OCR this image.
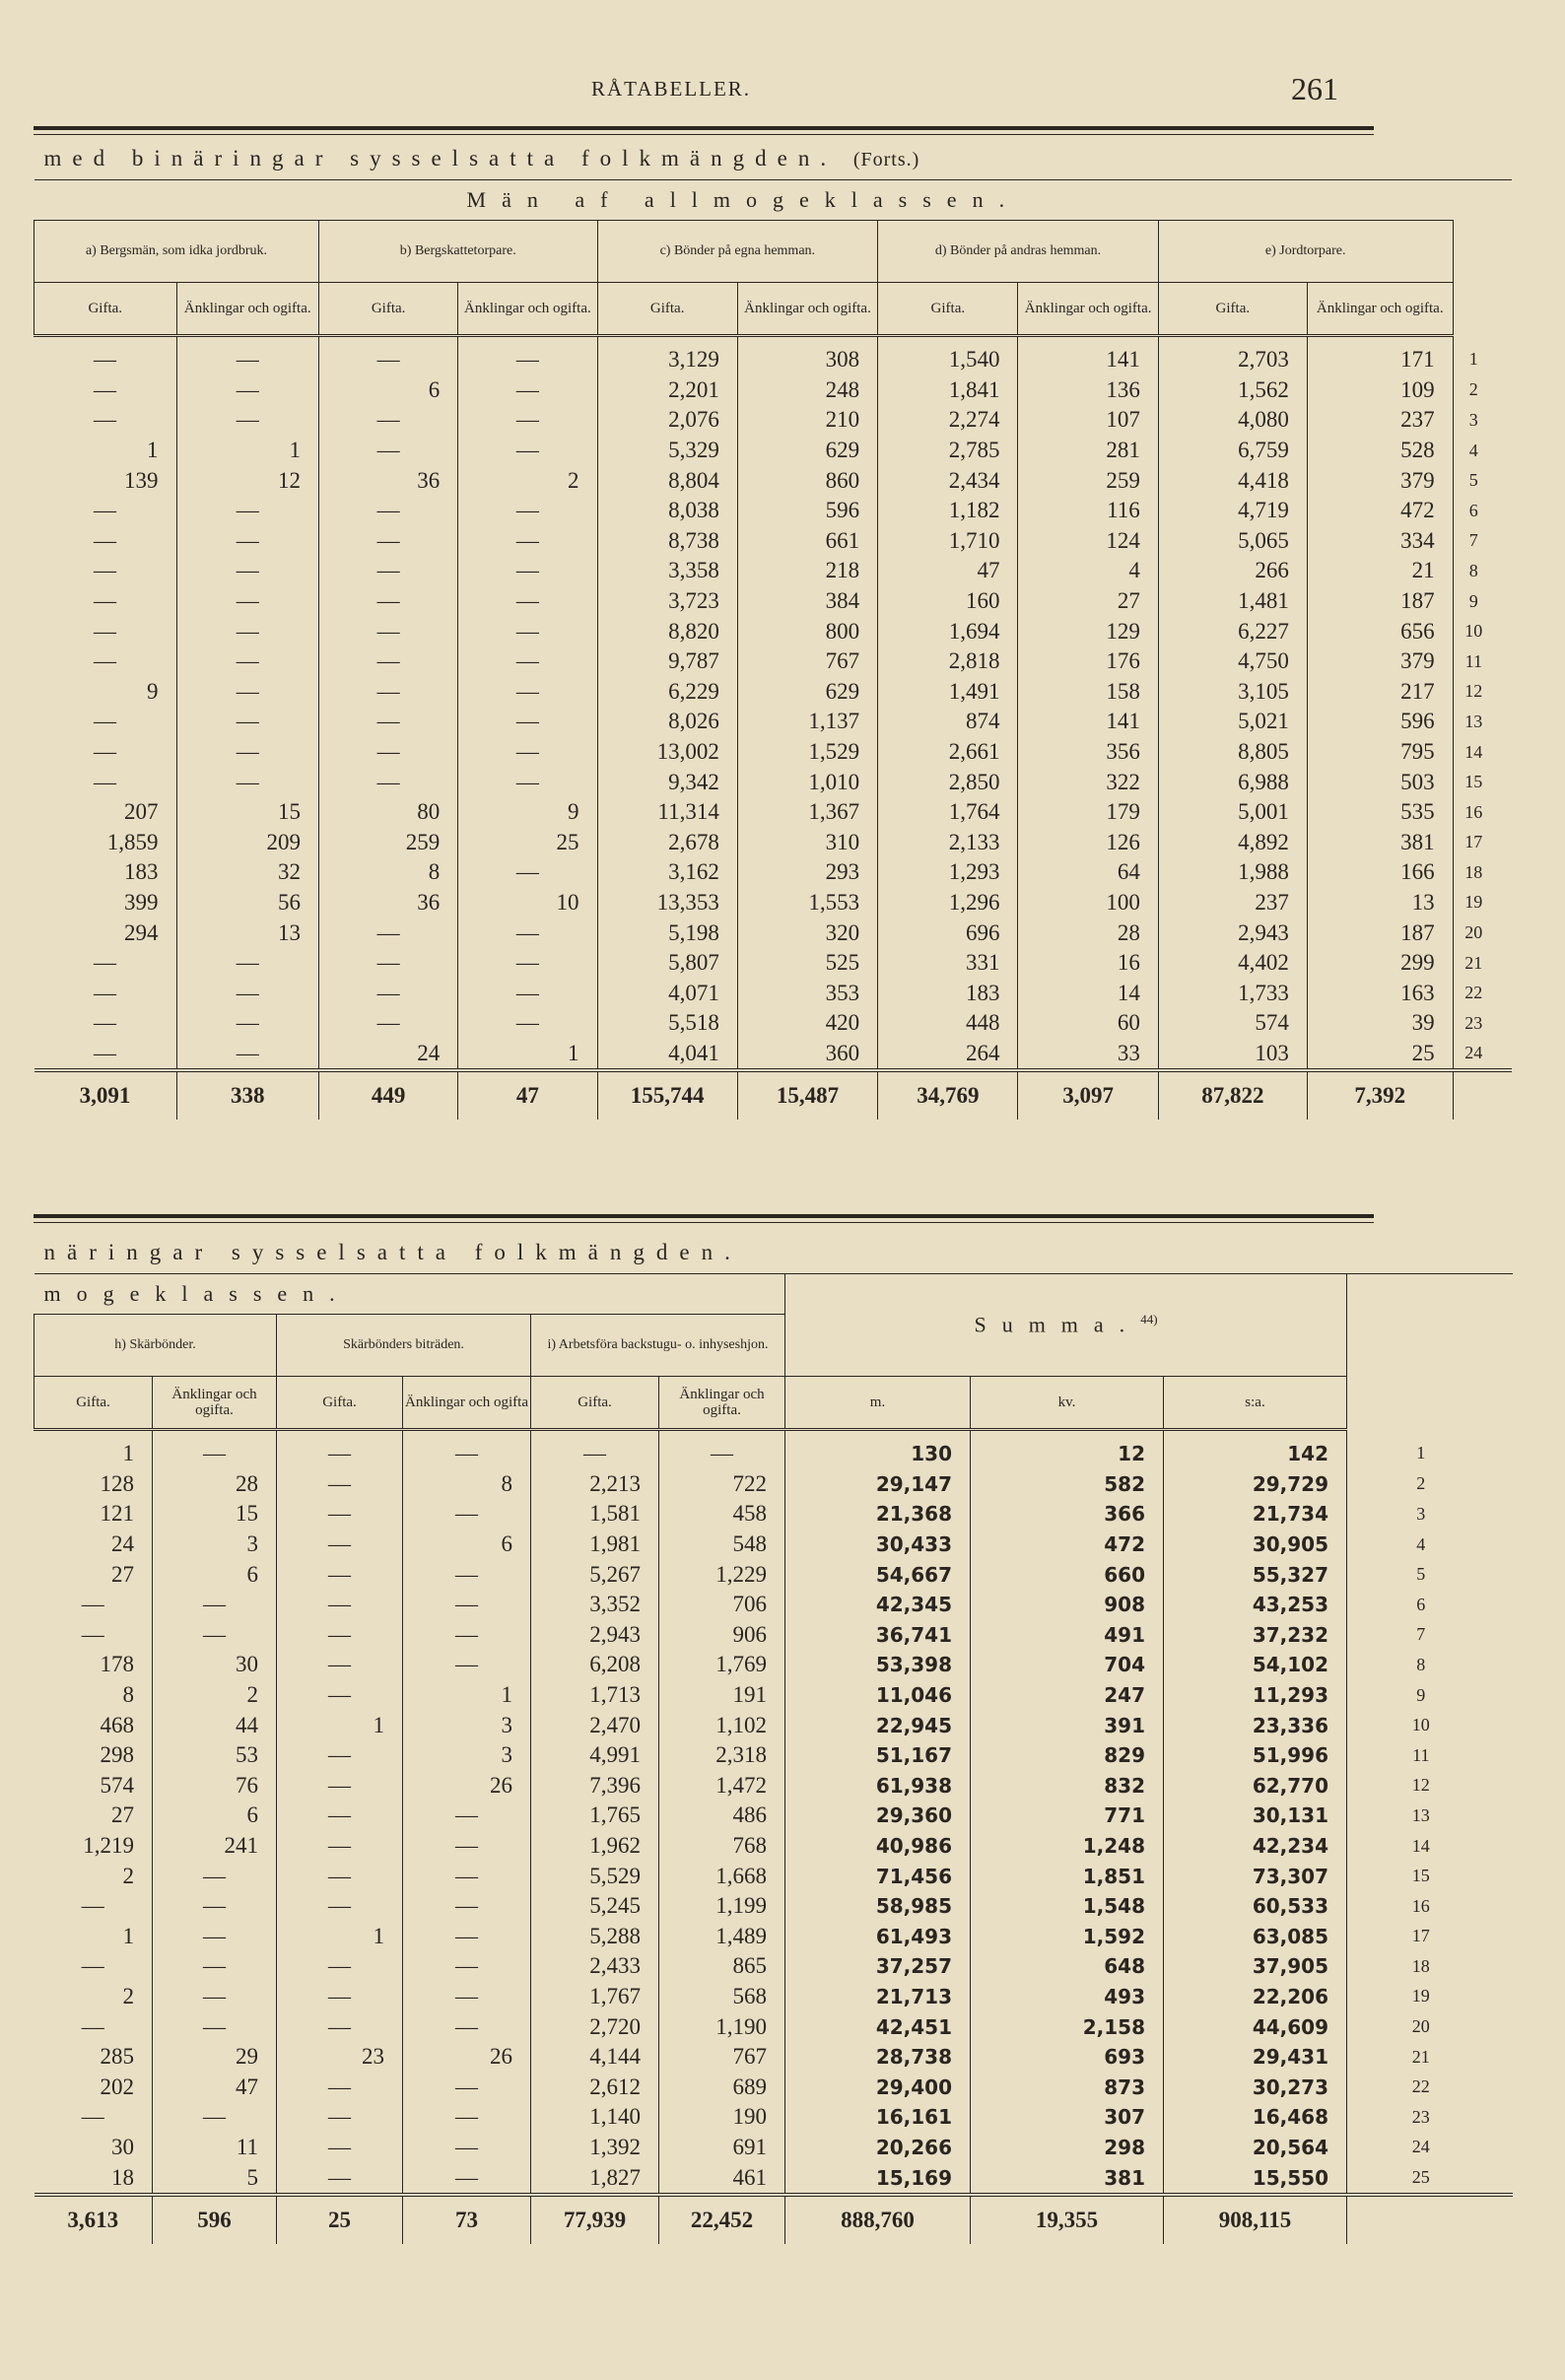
RÅTABELLER.	261
med binäringar sysselsatta folkmängden. (Forts.)										
Män af allmogeklassen.										
a) Bergsmän, som idka jordbruk.		b) Bergskattetorpare.		c) Bönder på egna hemman.		d) Bönder på andras hemman.		e) Jordtorpare.		
Gifta.	Änklingar och ogifta.	Gifta.	Änklingar och ogifta.	Gifta.	Änklingar och ogifta.	Gifta.	Änklingar och ogifta.	Gifta.	Änklingar och ogifta.	
—	—	—	—	3,129	308	1,540	141	2,703	171	1
—	—	6	—	2,201	248	1,841	136	1,562	109	2
—	—	—	—	2,076	210	2,274	107	4,080	237	3
1	1	—	—	5,329	629	2,785	281	6,759	528	4
139	12	36	2	8,804	860	2,434	259	4,418	379	5
—	—	—	—	8,038	596	1,182	116	4,719	472	6
—	—	—	—	8,738	661	1,710	124	5,065	334	7
—	—	—	—	3,358	218	47	4	266	21	8
—	—	—	—	3,723	384	160	27	1,481	187	9
—	—	—	—	8,820	800	1,694	129	6,227	656	10
—	—	—	—	9,787	767	2,818	176	4,750	379	11
9	—	—	—	6,229	629	1,491	158	3,105	217	12
—	—	—	—	8,026	1,137	874	141	5,021	596	13
—	—	—	—	13,002	1,529	2,661	356	8,805	795	14
—	—	—	—	9,342	1,010	2,850	322	6,988	503	15
207	15	80	9	11,314	1,367	1,764	179	5,001	535	16
1,859	209	259	25	2,678	310	2,133	126	4,892	381	17
183	32	8	—	3,162	293	1,293	64	1,988	166	18
399	56	36	10	13,353	1,553	1,296	100	237	13	19
294	13	—	—	5,198	320	696	28	2,943	187	20
—	—	—	—	5,807	525	331	16	4,402	299	21
—	—	—	—	4,071	353	183	14	1,733	163	22
—	—	—	—	5,518	420	448	60	574	39	23
—	—	24	1	4,041	360	264	33	103	25	24
3,091	338	449	47	155,744	15,487	34,769	3,097	87,822	7,392	
näringar sysselsatta folkmängden.									
mogeklassen.						Summa.$^{44)}$	
h) Skärbönder.		Skärbönders biträden.		i) Arbetsföra backstugu- o. inhyseshjon.					
Gifta.	Änklingar och ogifta.	Gifta.	Änklingar och ogifta	Gifta.	Änklingar och ogifta.	m.	kv.	s:a.	
1	—	—	—	—	—	130	12	142	1
128	28	—	8	2,213	722	29,147	582	29,729	2
121	15	—	—	1,581	458	21,368	366	21,734	3
24	3	—	6	1,981	548	30,433	472	30,905	4
27	6	—	—	5,267	1,229	54,667	660	55,327	5
—	—	—	—	3,352	706	42,345	908	43,253	6
—	—	—	—	2,943	906	36,741	491	37,232	7
178	30	—	—	6,208	1,769	53,398	704	54,102	8
8	2	—	1	1,713	191	11,046	247	11,293	9
468	44	1	3	2,470	1,102	22,945	391	23,336	10
298	53	—	3	4,991	2,318	51,167	829	51,996	11
574	76	—	26	7,396	1,472	61,938	832	62,770	12
27	6	—	—	1,765	486	29,360	771	30,131	13
1,219	241	—	—	1,962	768	40,986	1,248	42,234	14
2	—	—	—	5,529	1,668	71,456	1,851	73,307	15
—	—	—	—	5,245	1,199	58,985	1,548	60,533	16
1	—	1	—	5,288	1,489	61,493	1,592	63,085	17
—	—	—	—	2,433	865	37,257	648	37,905	18
2	—	—	—	1,767	568	21,713	493	22,206	19
—	—	—	—	2,720	1,190	42,451	2,158	44,609	20
285	29	23	26	4,144	767	28,738	693	29,431	21
202	47	—	—	2,612	689	29,400	873	30,273	22
—	—	—	—	1,140	190	16,161	307	16,468	23
30	11	—	—	1,392	691	20,266	298	20,564	24
18	5	—	—	1,827	461	15,169	381	15,550	25
3,613	596	25	73	77,939	22,452	888,760	19,355	908,115	
